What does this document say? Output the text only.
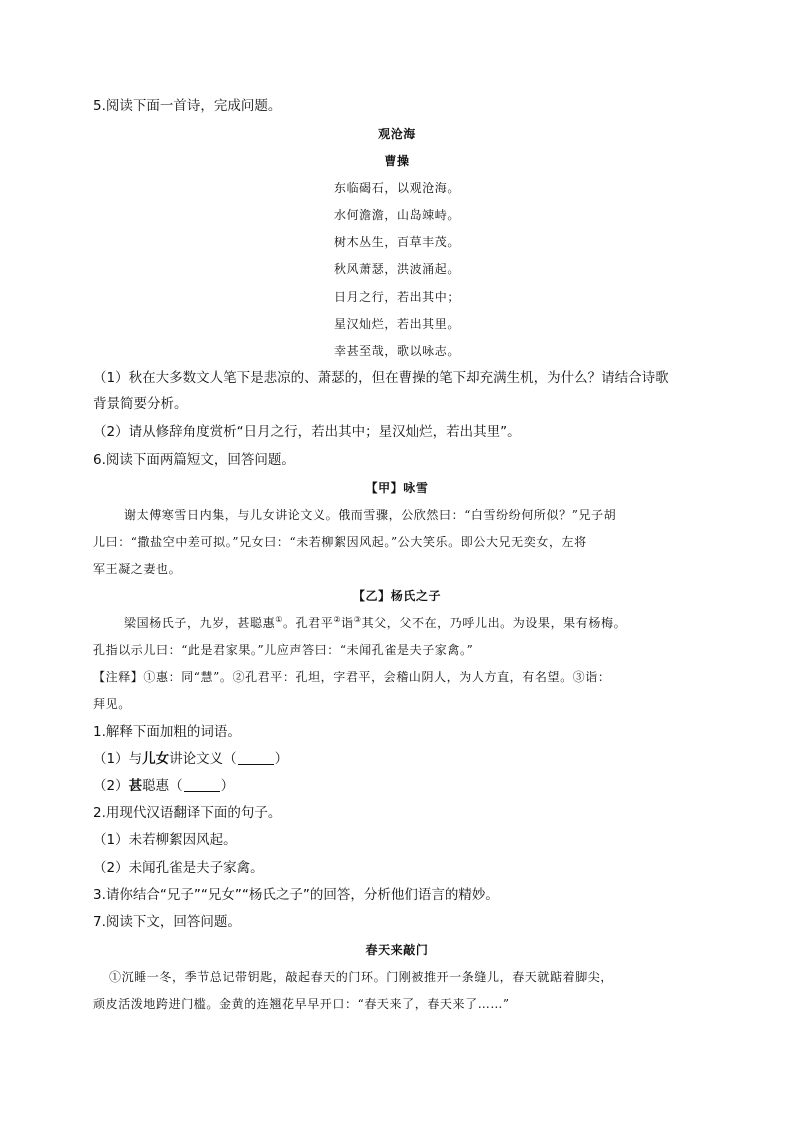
5.阅读下面一首诗，完成问题。
观沧海
曹操
东临碣石，以观沧海。
水何澹澹，山岛竦峙。
树木丛生，百草丰茂。
秋风萧瑟，洪波涌起。
日月之行，若出其中；
星汉灿烂，若出其里。
幸甚至哉，歌以咏志。
（1）秋在大多数文人笔下是悲凉的、萧瑟的，但在曹操的笔下却充满生机，为什么？请结合诗歌
背景简要分析。
（2）请从修辞角度赏析“日月之行，若出其中；星汉灿烂，若出其里”。
6.阅读下面两篇短文，回答问题。
【甲】咏雪
谢太傅寒雪日内集，与儿女讲论文义。俄而雪骤，公欣然曰：“白雪纷纷何所似？”兄子胡
儿曰：“撒盐空中差可拟。”兄女曰：“未若柳絮因风起。”公大笑乐。即公大兄无奕女，左将
军王凝之妻也。
【乙】杨氏之子
梁国杨氏子，九岁，甚聪惠①。孔君平②诣③其父，父不在，乃呼儿出。为设果，果有杨梅。
孔指以示儿曰：“此是君家果。”儿应声答曰：“未闻孔雀是夫子家禽。”
【注释】①惠：同“慧”。②孔君平：孔坦，字君平，会稽山阴人，为人方直，有名望。③诣：
拜见。
1.解释下面加粗的词语。
（1）与儿女讲论文义（	）
（2）甚聪惠（	）
2.用现代汉语翻译下面的句子。
（1）未若柳絮因风起。
（2）未闻孔雀是夫子家禽。
3.请你结合“兄子”“兄女”“杨氏之子”的回答，分析他们语言的精妙。
7.阅读下文，回答问题。
春天来敲门
①沉睡一冬，季节总记带钥匙，敲起春天的门环。门刚被推开一条缝儿，春天就踮着脚尖，
顽皮活泼地跨进门槛。金黄的连翘花早早开口：“春天来了，春天来了……”
